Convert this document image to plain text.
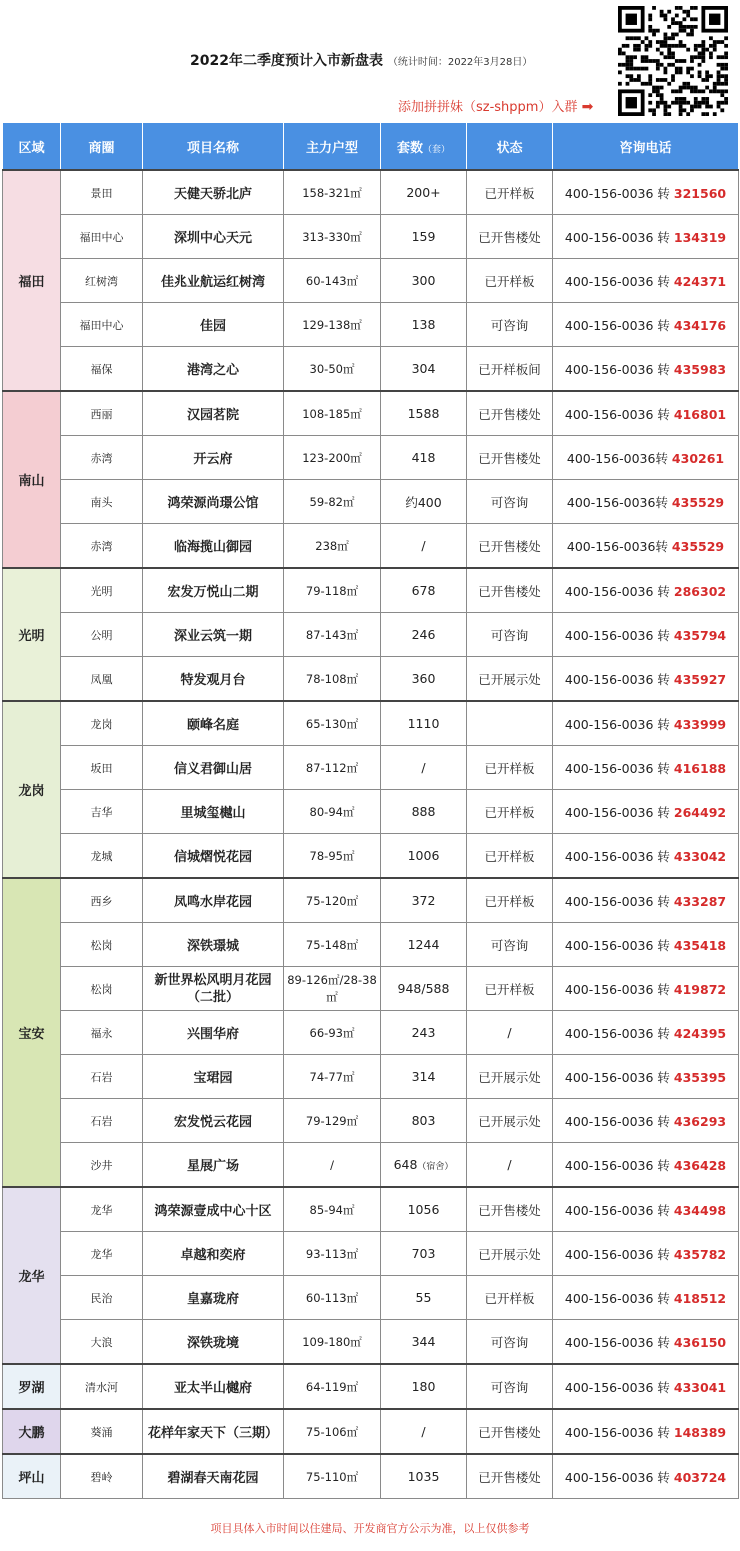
2022年二季度预计入市新盘表 （统计时间：2022年3月28日）
添加拼拼妹（sz-shppm）入群 ➡
区域	商圈	项目名称	主力户型	套数（套）	状态	咨询电话
福田	景田	天健天骄北庐	158-321㎡	200+	已开样板	400-156-0036 转 321560
	福田中心	深圳中心天元	313-330㎡	159	已开售楼处	400-156-0036 转 134319
	红树湾	佳兆业航运红树湾	60-143㎡	300	已开样板	400-156-0036 转 424371
	福田中心	佳园	129-138㎡	138	可咨询	400-156-0036 转 434176
	福保	港湾之心	30-50㎡	304	已开样板间	400-156-0036 转 435983
南山	西丽	汉园茗院	108-185㎡	1588	已开售楼处	400-156-0036 转 416801
	赤湾	开云府	123-200㎡	418	已开售楼处	400-156-0036转 430261
	南头	鸿荣源尚璟公馆	59-82㎡	约400	可咨询	400-156-0036转 435529
	赤湾	临海揽山御园	238㎡	/	已开售楼处	400-156-0036转 435529
光明	光明	宏发万悦山二期	79-118㎡	678	已开售楼处	400-156-0036 转 286302
	公明	深业云筑一期	87-143㎡	246	可咨询	400-156-0036 转 435794
	凤凰	特发观月台	78-108㎡	360	已开展示处	400-156-0036 转 435927
龙岗	龙岗	颐峰名庭	65-130㎡	1110		400-156-0036 转 433999
	坂田	信义君御山居	87-112㎡	/	已开样板	400-156-0036 转 416188
	吉华	里城玺樾山	80-94㎡	888	已开样板	400-156-0036 转 264492
	龙城	信城熠悦花园	78-95㎡	1006	已开样板	400-156-0036 转 433042
宝安	西乡	凤鸣水岸花园	75-120㎡	372	已开样板	400-156-0036 转 433287
	松岗	深铁璟城	75-148㎡	1244	可咨询	400-156-0036 转 435418
	松岗	新世界松风明月花园（二批）	89-126㎡/28-38㎡	948/588	已开样板	400-156-0036 转 419872
	福永	兴围华府	66-93㎡	243	/	400-156-0036 转 424395
	石岩	宝珺园	74-77㎡	314	已开展示处	400-156-0036 转 435395
	石岩	宏发悦云花园	79-129㎡	803	已开展示处	400-156-0036 转 436293
	沙井	星展广场	/	648（宿舍）	/	400-156-0036 转 436428
龙华	龙华	鸿荣源壹成中心十区	85-94㎡	1056	已开售楼处	400-156-0036 转 434498
	龙华	卓越和奕府	93-113㎡	703	已开展示处	400-156-0036 转 435782
	民治	皇嘉珑府	60-113㎡	55	已开样板	400-156-0036 转 418512
	大浪	深铁珑境	109-180㎡	344	可咨询	400-156-0036 转 436150
罗湖	清水河	亚太半山樾府	64-119㎡	180	可咨询	400-156-0036 转 433041
大鹏	葵涌	花样年家天下（三期）	75-106㎡	/	已开售楼处	400-156-0036 转 148389
坪山	碧岭	碧湖春天南花园	75-110㎡	1035	已开售楼处	400-156-0036 转 403724
项目具体入市时间以住建局、开发商官方公示为准，以上仅供参考
